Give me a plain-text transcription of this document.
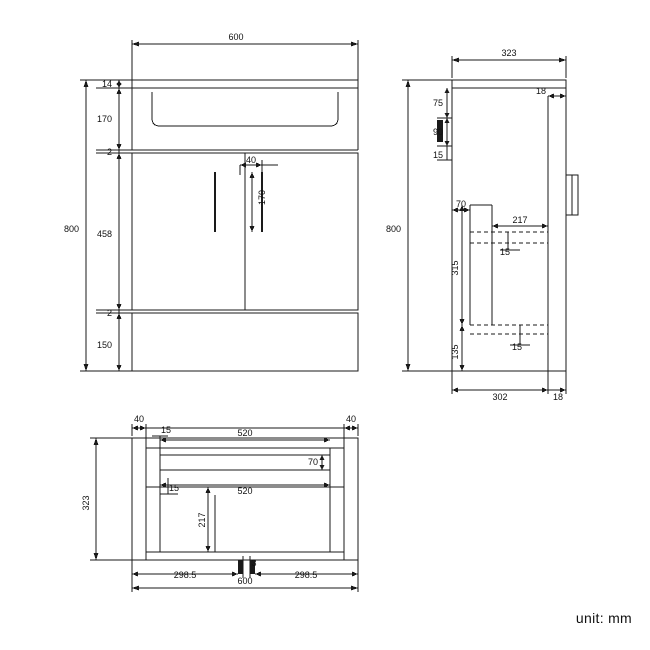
600
14
170
2
458
2
150
800
40
170
323
800
75
90
15
18
70
217
15
315
135	15
302	18
40	40
520
15
70
15	520
217
323
298.5	298.5
3
600
unit: mm
